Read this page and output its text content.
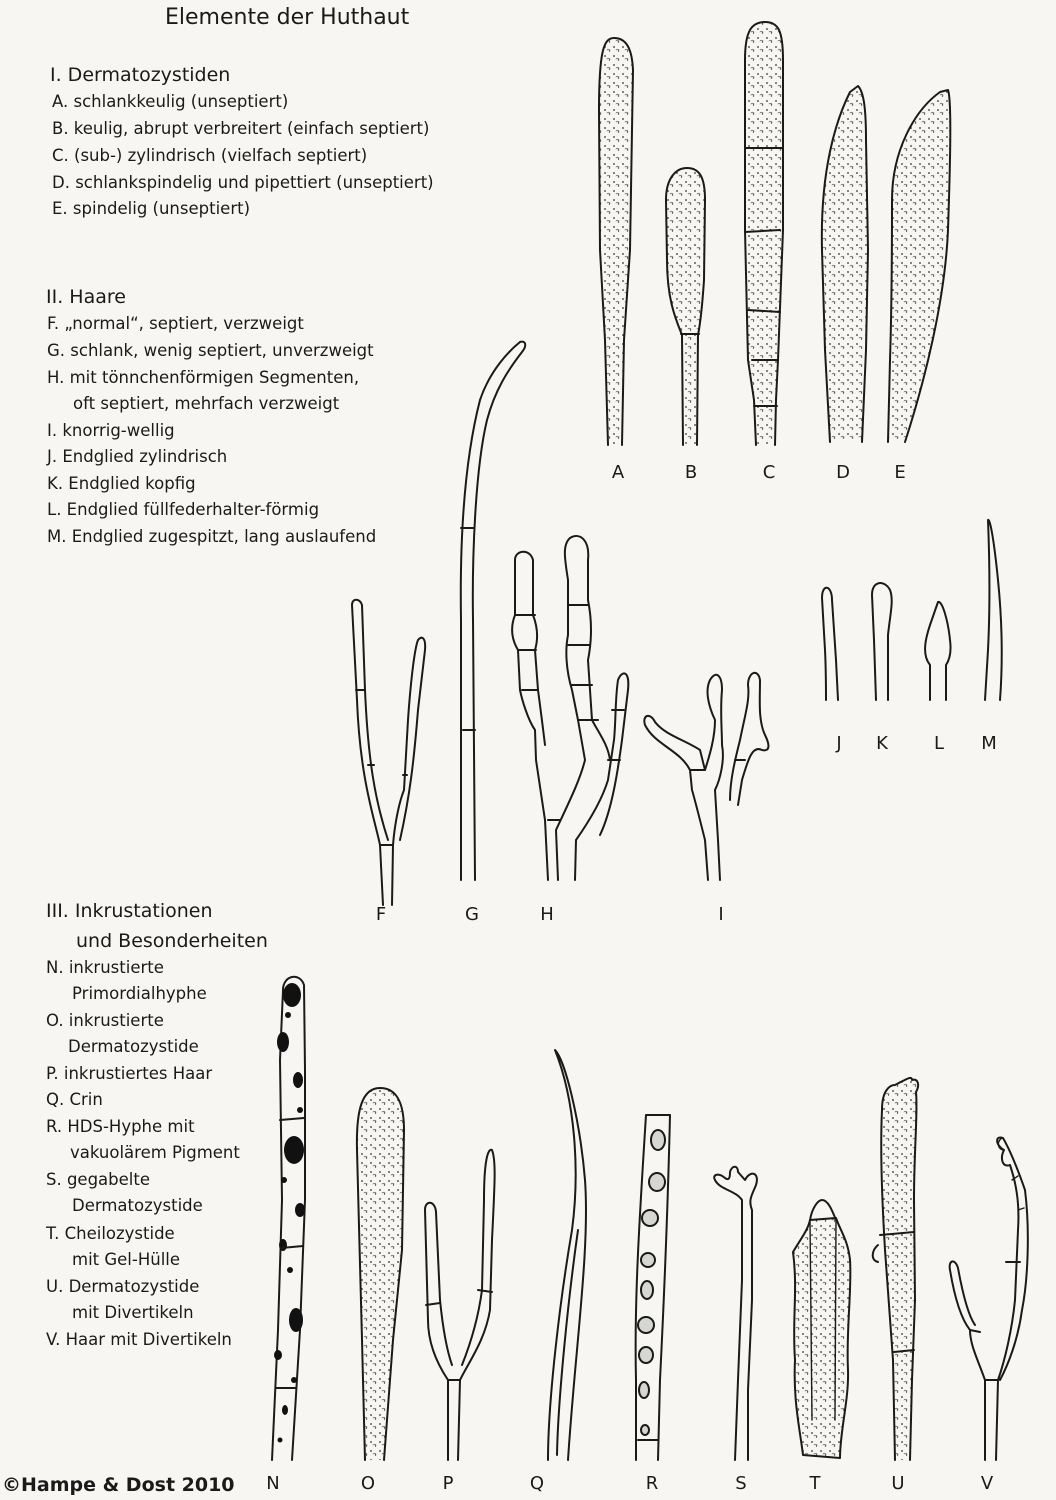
Elemente der Huthaut
I. Dermatozystiden
A. schlankkeulig (unseptiert)
B. keulig, abrupt verbreitert (einfach septiert)
C. (sub-) zylindrisch (vielfach septiert)
D. schlankspindelig und pipettiert (unseptiert)
E. spindelig (unseptiert)
II. Haare
F. „normal“, septiert, verzweigt
G. schlank, wenig septiert, unverzweigt
H. mit tönnchenförmigen Segmenten,
oft septiert, mehrfach verzweigt
I. knorrig-wellig
J. Endglied zylindrisch
K. Endglied kopfig
L. Endglied füllfederhalter-förmig
M. Endglied zugespitzt, lang auslaufend
III. Inkrustationen
und Besonderheiten
N. inkrustierte
Primordialhyphe
O. inkrustierte
Dermatozystide
P. inkrustiertes Haar
Q. Crin
R. HDS-Hyphe mit
vakuolärem Pigment
S. gegabelte
Dermatozystide
T. Cheilozystide
mit Gel-Hülle
U. Dermatozystide
mit Divertikeln
V. Haar mit Divertikeln
A	B	C	D	E
F	G	H	I
J	K	L	M
N	O	P	Q	R	S	T	U	V
©Hampe & Dost 2010
